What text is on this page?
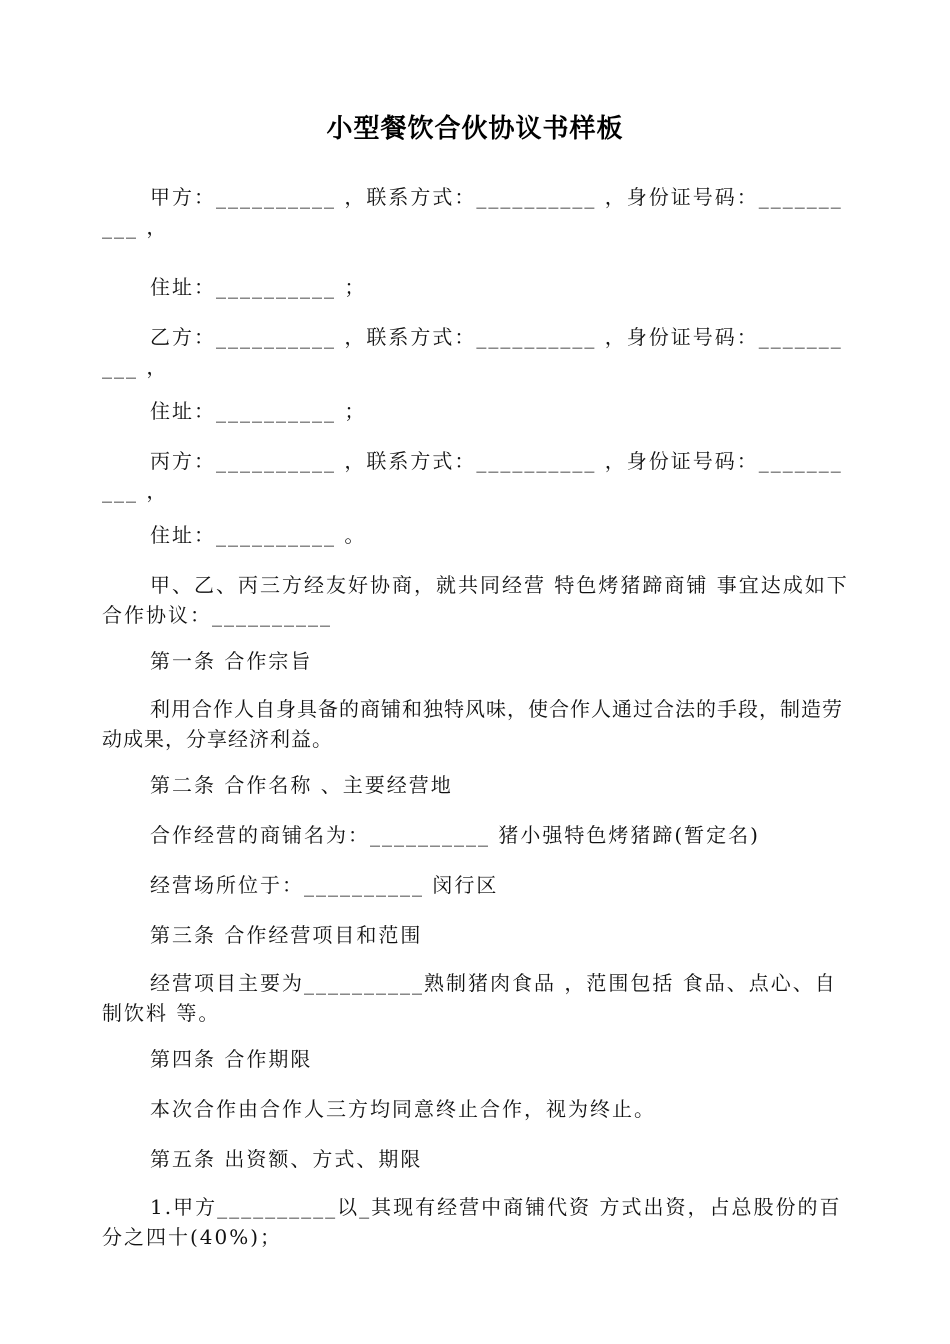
小型餐饮合伙协议书样板

甲方：__________ ，联系方式：__________ ，身份证号码：__________ ，

住址：__________ ；

乙方：__________ ，联系方式：__________ ，身份证号码：__________ ，

住址：__________ ；

丙方：__________ ，联系方式：__________ ，身份证号码：__________ ，

住址：__________ 。

甲、乙、丙三方经友好协商，就共同经营 特色烤猪蹄商铺 事宜达成如下合作协议：__________

第一条 合作宗旨

利用合作人自身具备的商铺和独特风味，使合作人通过合法的手段，制造劳动成果，分享经济利益。

第二条 合作名称 、主要经营地

合作经营的商铺名为：__________ 猪小强特色烤猪蹄(暂定名)

经营场所位于：__________ 闵行区

第三条 合作经营项目和范围

经营项目主要为__________熟制猪肉食品 ，范围包括 食品、点心、自制饮料 等。

第四条 合作期限

本次合作由合作人三方均同意终止合作，视为终止。

第五条 出资额、方式、期限

1.甲方__________以_其现有经营中商铺代资 方式出资，占总股份的百分之四十(40%)；
